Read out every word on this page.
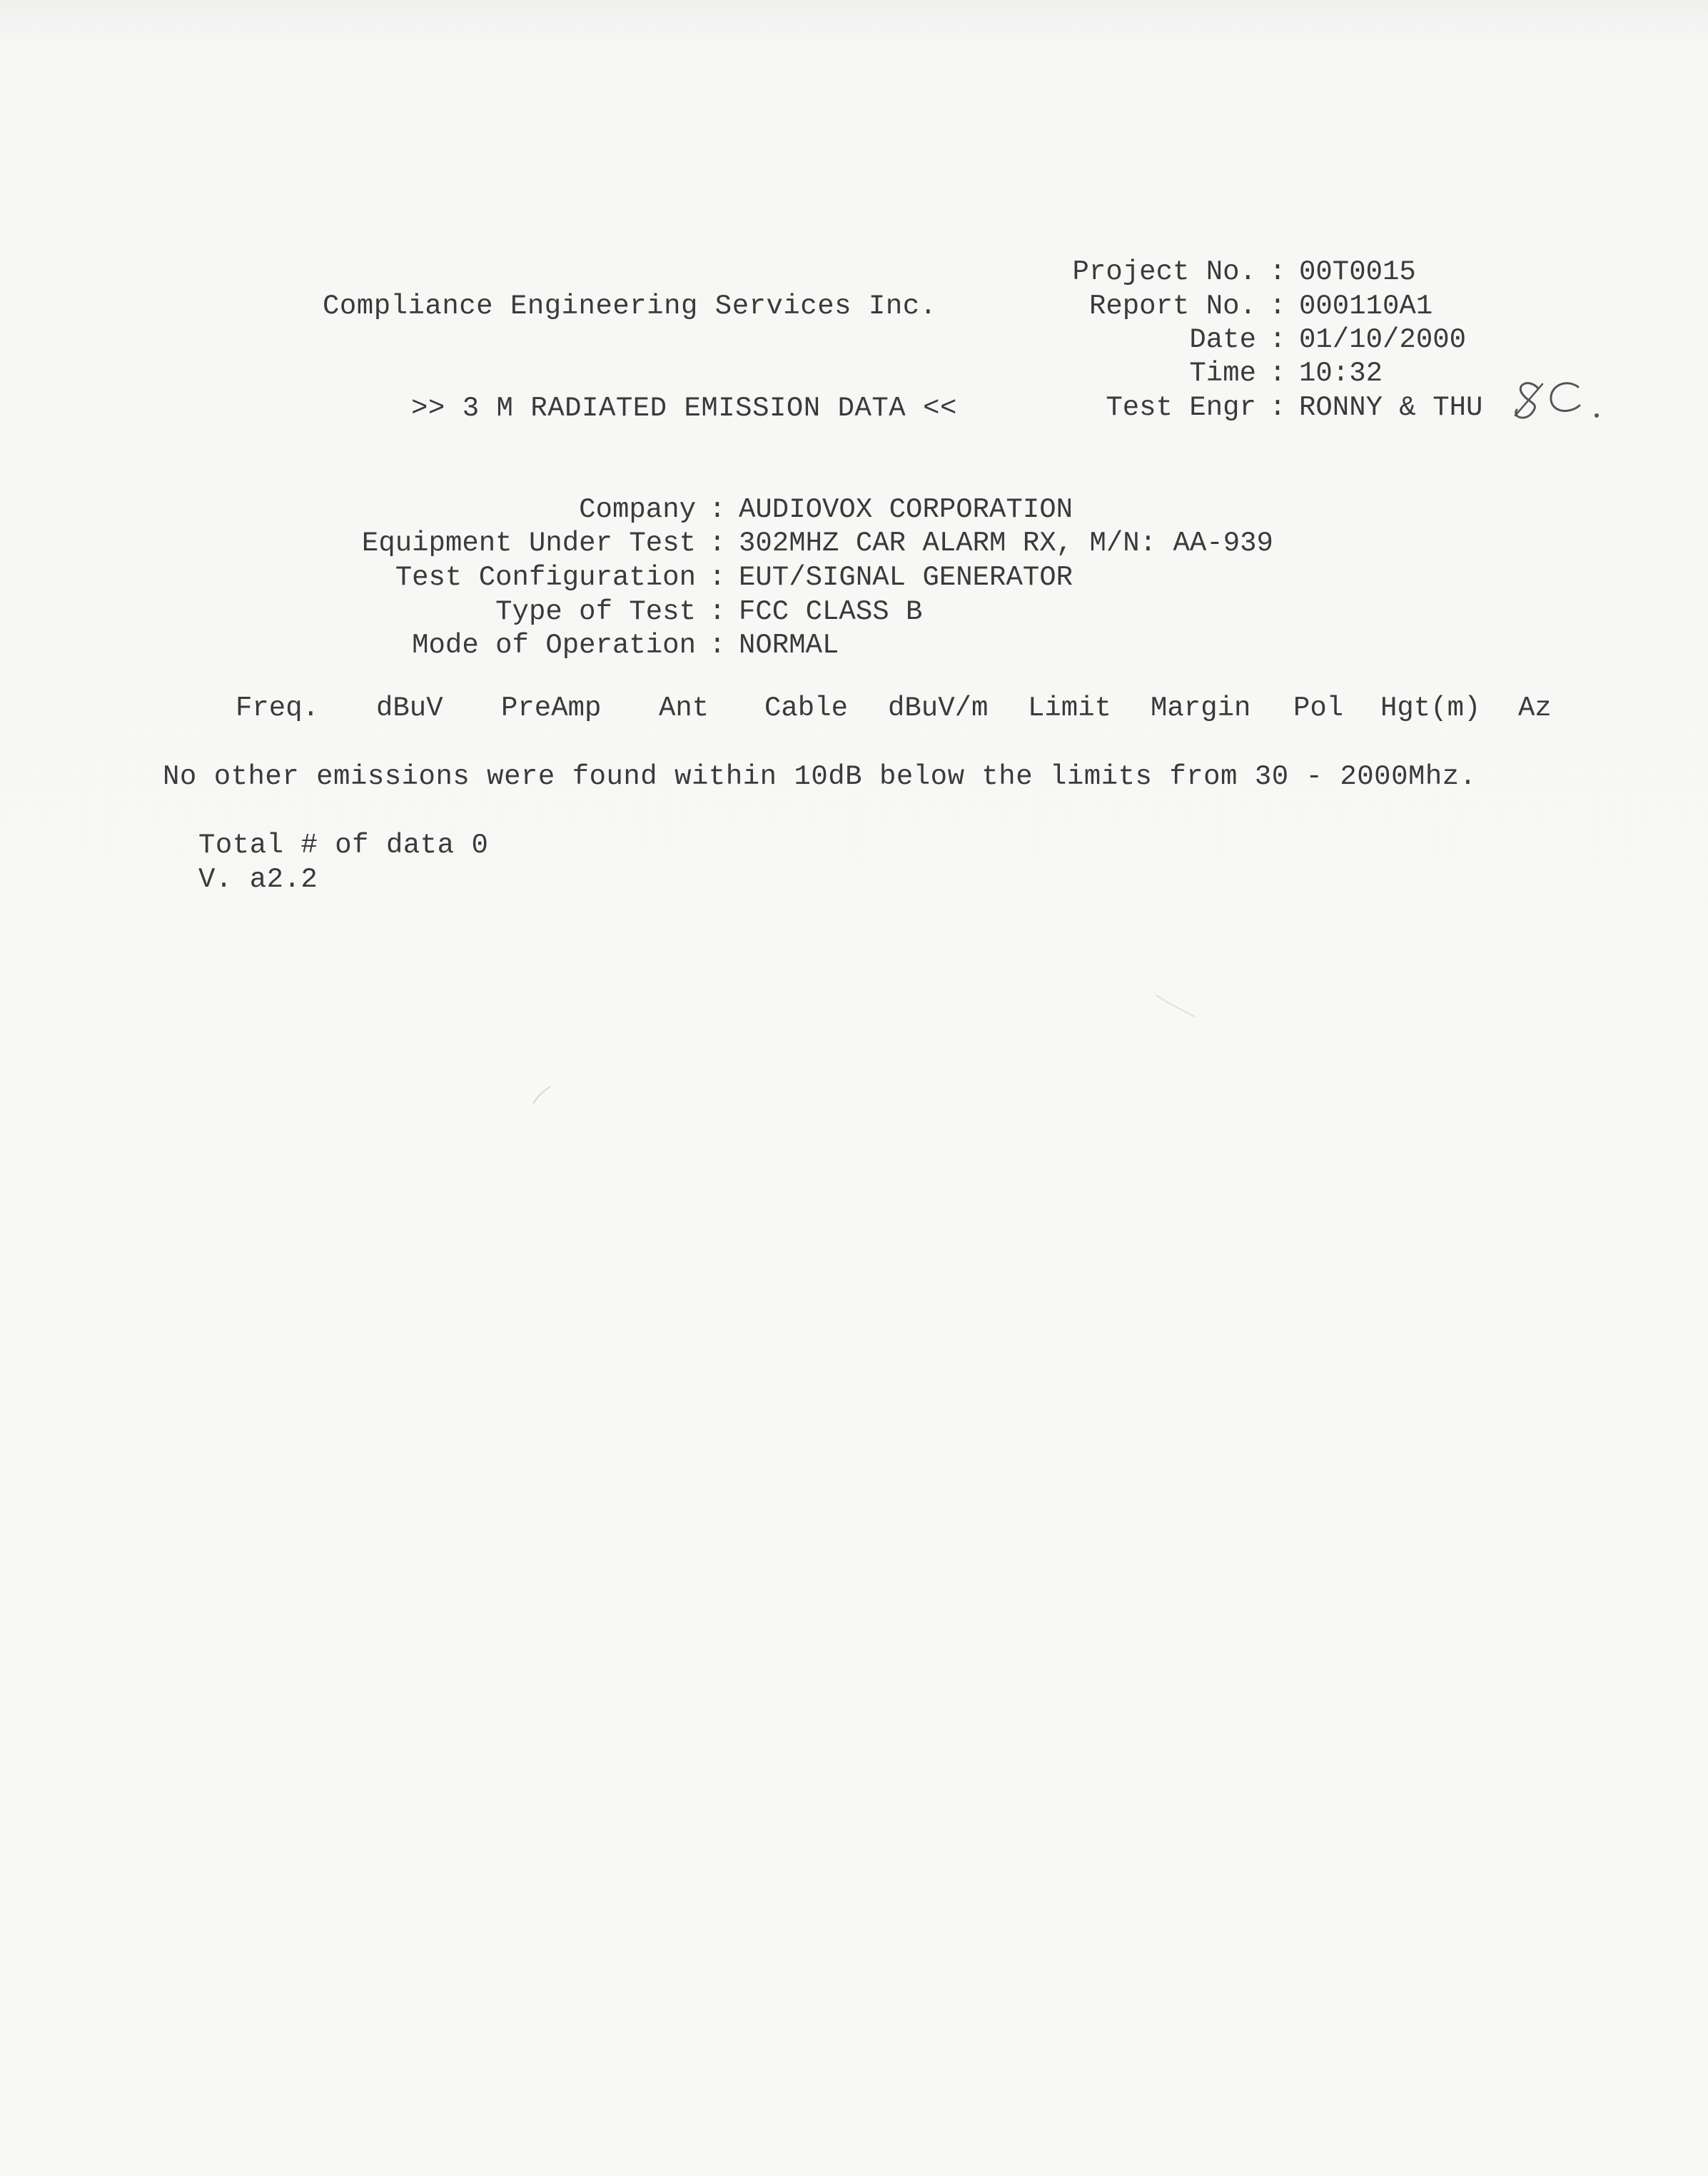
Compliance Engineering Services Inc.
>> 3 M RADIATED EMISSION DATA <<
Project No. : 00T0015
Report No. : 000110A1
Date : 01/10/2000
Time : 10:32
Test Engr : RONNY & THU
Company : AUDIOVOX CORPORATION
Equipment Under Test : 302MHZ CAR ALARM RX, M/N: AA-939
Test Configuration : EUT/SIGNAL GENERATOR
Type of Test : FCC CLASS B
Mode of Operation : NORMAL
Freq. dBuV PreAmp Ant Cable dBuV/m Limit Margin Pol Hgt(m) Az
No other emissions were found within 10dB below the limits from 30 - 2000Mhz.
Total # of data 0
V. a2.2
